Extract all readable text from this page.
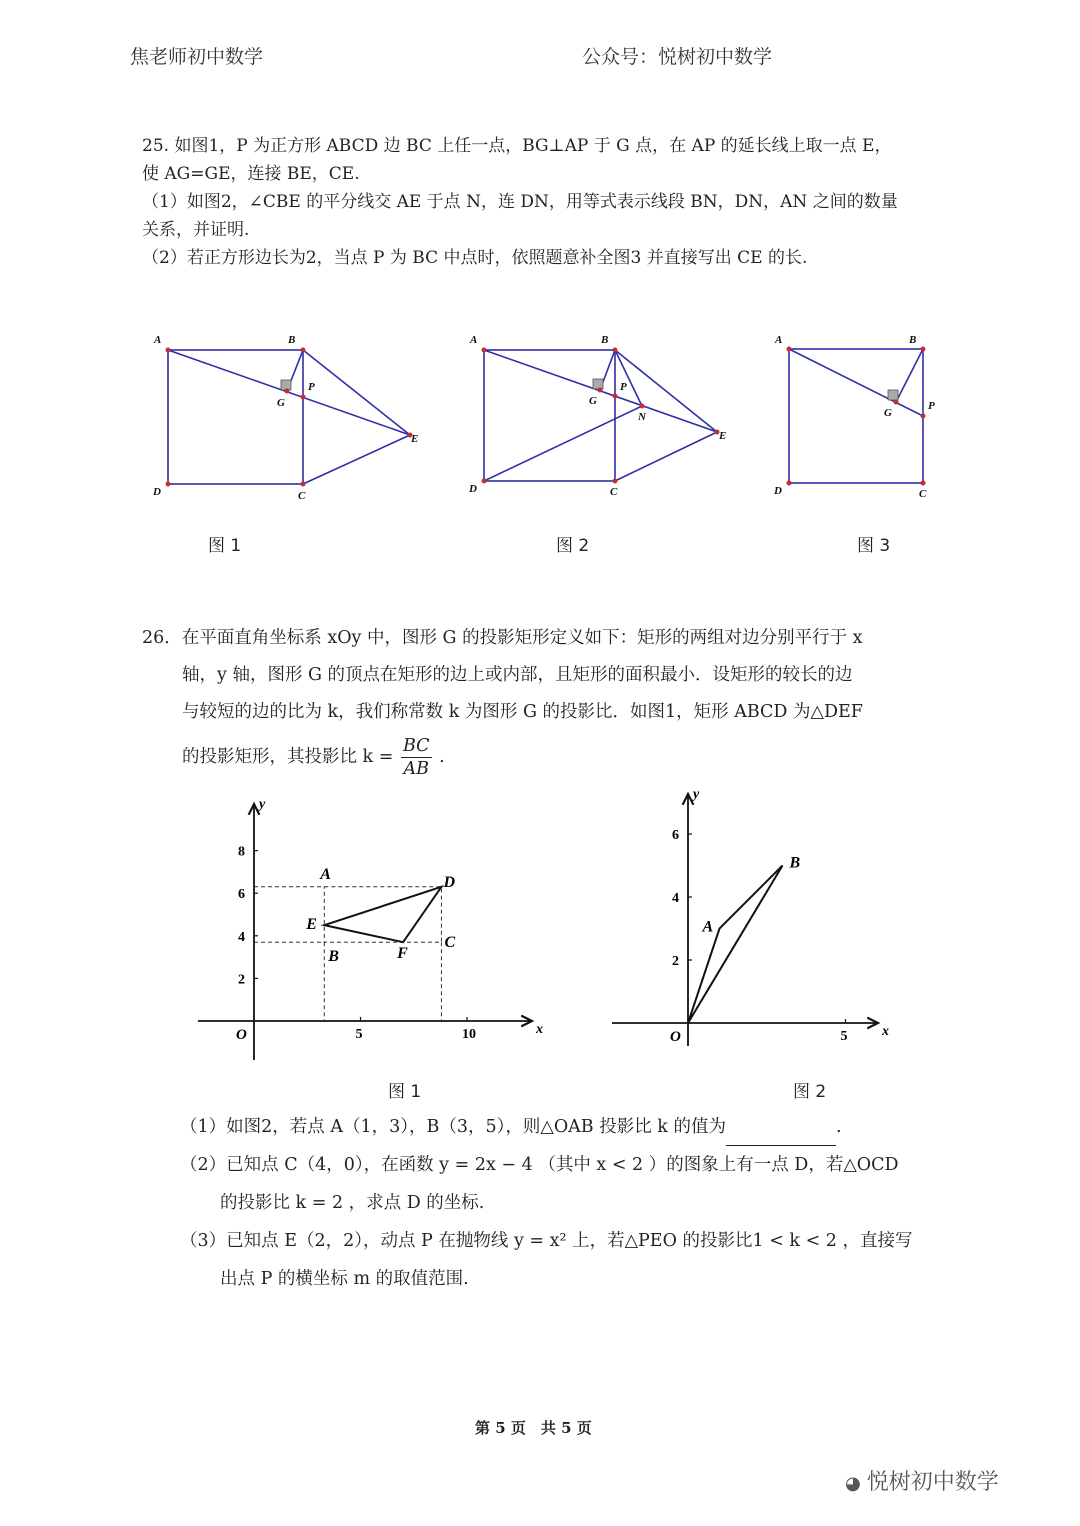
焦老师初中数学	公众号：悦树初中数学
25. 如图1，P 为正方形 ABCD 边 BC 上任一点，BG⊥AP 于 G 点，在 AP 的延长线上取一点 E，
使 AG=GE，连接 BE，CE.
（1）如图2，∠CBE 的平分线交 AE 于点 N，连 DN，用等式表示线段 BN，DN，AN 之间的数量
关系，并证明.
（2）若正方形边长为2，当点 P 为 BC 中点时，依照题意补全图3 并直接写出 CE 的长.
A	B
C
D
P
G
E
A	B
C
D
P
G
N
E
A	B
C
D
P
G
图 1	图 2	图 3
26．在平面直角坐标系 xOy 中，图形 G 的投影矩形定义如下：矩形的两组对边分别平行于 x
轴，y 轴，图形 G 的顶点在矩形的边上或内部，且矩形的面积最小．设矩形的较长的边
与较短的边的比为 k，我们称常数 k 为图形 G 的投影比．如图1，矩形 ABCD 为△DEF
的投影矩形，其投影比 $k = \frac{BC}{AB}$ .
x
y
O	5	10
2
4
6
8
A
B
C
D
E
F
x
y
O	5
2
4
6
A
B
图 1	图 2
（1）如图2，若点 A（1，3），B（3，5），则△OAB 投影比 k 的值为	.
（2）已知点 C（4，0），在函数 y = 2x − 4 （其中 x < 2 ）的图象上有一点 D，若△OCD
的投影比 k = 2 ，求点 D 的坐标.
（3）已知点 E（2，2），动点 P 在抛物线 y = x² 上，若△PEO 的投影比1 < k < 2 ，直接写
出点 P 的横坐标 m 的取值范围.
第 5 页　共 5 页
◕ 悦树初中数学
